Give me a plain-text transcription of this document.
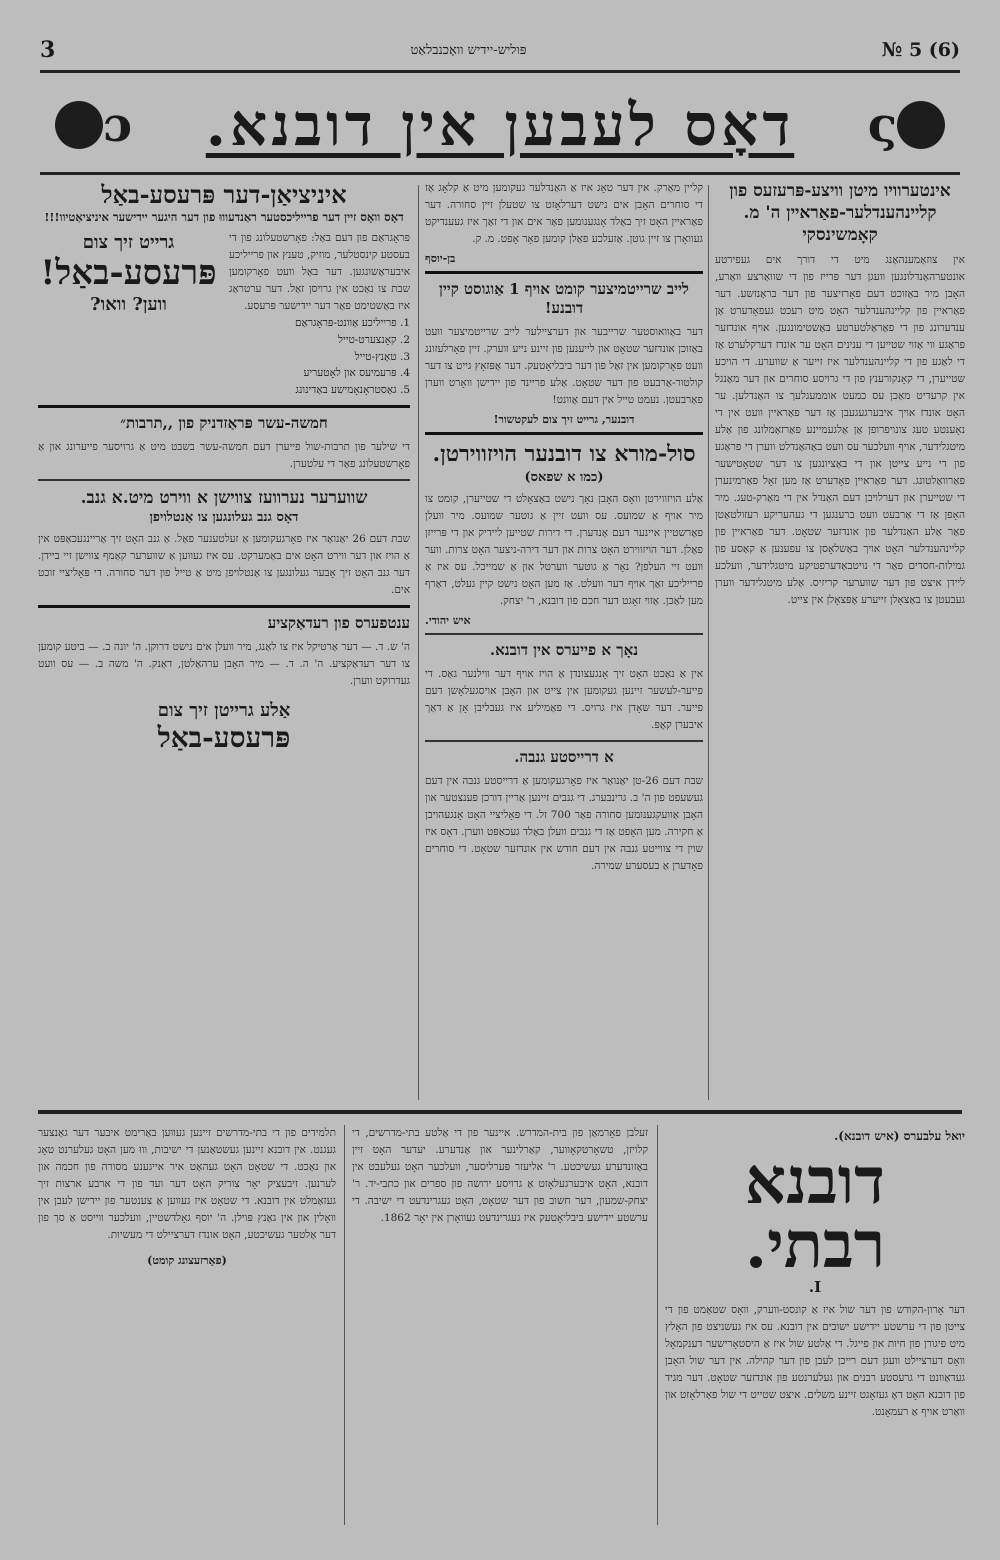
3	פּוליש-יידיש וואָכנבלאַט	№ 5 (6)
ɔ	דאָס לעבען אין דובנא.	ς
אינטערוויו מיטן וויצע-פּרעזעס פון קליינהענדלער-פאַראיין ה' מ. קאָמשינסקי
אין צוזאַמענהאַנג מיט די דורך אים געפירטע אונטערהאַנדלונגען וועגן דער פּרייז פון די שוואַרצע וואַרע, האָבן מיר באַזוכט דעם פאָרזיצער פון דער בראַנזשע. דער פאַראיין פון קליינהענדלער האָט מיט רעכט געפאָדערט אַן ענדערונג פון די פאַראַלטערטע באַשטימונגען. אויף אונדזער פראַגע ווי אַזוי שטייען די ענינים האָט ער אונדז דערקלערט אַז די לאַגע פון די קליינהענדלער איז זייער אַ שווערע. די הויכע שטייערן, די קאָנקורענץ פון די גרויסע סוחרים און דער מאַנגל אין קרעדיט מאַכן עס כמעט אוממעגלעך צו האַנדלען. ער האָט אונדז אויך איבערגעגעבן אַז דער פאַראיין וועט אין די נאָענטע טעג צונויפרופן אַן אַלגעמיינע פאַרזאַמלונג פון אַלע מיטגלידער, אויף וועלכער עס וועט באַהאַנדלט ווערן די פראַגע פון די נייע צייטן און די באַציונגען צו דער שטאָטישער פאַרוואַלטונג. דער פאַראיין פאָדערט אַז מען זאָל פאַרמינערן די שטייערן און דערלויבן דעם האַנדל אין די מאַרק-טעג. מיר האָפן אַז די אַרבעט וועט ברענגען די געהעריקע רעזולטאַטן פאַר אַלע האַנדלער פון אונדזער שטאָט. דער פאַראיין פון קליינהענדלער האָט אויך באַשלאָסן צו עפענען אַ קאַסע פון גמילות-חסדים פאַר די נויטבאַדערפטיקע מיטגלידער, וועלכע ליידן איצט פון דער שווערער קריזיס. אַלע מיטגלידער ווערן געבעטן צו באַצאָלן זייערע אָפּצאָלן אין צייט.
קליין מאַרק. אין דער טאָג איז אַ האַנדלער געקומען מיט אַ קלאָג אַז די סוחרים האָבן אים נישט דערלאָזט צו שטעלן זיין סחורה. דער פאַראיין האָט זיך באַלד אָנגענומען פאַר אים און די זאַך איז געענדיקט געוואָרן צו זיין גוטן. אַזעלכע פאַלן קומען פאָר אָפט. מ. ק.
בן-יוסף
לייב שרייטמיצער קומט אויף 1 אַוגוסט קיין דובנע!
דער באַוואוסטער שרייבער און דערציילער לייב שרייטמיצער וועט באַזוכן אונדזער שטאָט און לייענען פון זיינע נייע ווערק. זיין פאָרלעזונג וועט פאָרקומען אין זאַל פון דער ביבליאָטעק. דער אָפּזאָץ גייט צו דער קולטור-אַרבעט פון דער שטאָט. אַלע פריינד פון יידישן וואָרט ווערן פאַרבעטן. נעמט טייל אין דעם אַוונט!
דובנער, גרייט זיך צום לעקטשור!
סול-מורא צו דובנער הויזווירטן.
(כמו א שפאס)
אַלע הויזווירטן וואָס האָבן נאָך נישט באַצאָלט די שטייערן, קומט צו מיר אויף אַ שמועס. עס וועט זיין אַ גוטער שמועס. מיר וועלן פאַרשטיין איינער דעם אַנדערן. די דירות שטייען ליידיק און די פּרייזן פאַלן. דער הויזווירט האָט צרות און דער דירה-ניצער האָט צרות. ווער וועט זיי העלפן? נאָר אַ גוטער ווערטל און אַ שמייכל. עס איז אַ פרייליכע זאַך אויף דער וועלט. אַז מען האָט נישט קיין געלט, דאַרף מען לאַכן. אַזוי זאָגט דער חכם פון דובנא, ר' יצחק.
איש יהודי.
נאָך א פייערס אין דובנא.
אין אַ נאַכט האָט זיך אָנגעצונדן אַ הויז אויף דער ווילנער גאַס. די פייער-לעשער זיינען געקומען אין צייט און האָבן אויסגעלאָשן דעם פייער. דער שאָדן איז גרויס. די פאַמיליע איז געבליבן אָן אַ דאַך איבערן קאָפּ.
א דרייסטע גנבה.
שבת דעם 26-טן יאַנואַר איז פאָרגעקומען אַ דרייסטע גנבה אין דעם געשעפט פון ה' ב. גרינבערג. די גנבים זיינען אַריין דורכן פענצטער און האָבן אַוועקגענומען סחורה פאַר 700 זל. די פּאָליציי האָט אָנגעהויבן אַ חקירה. מען האָפט אַז די גנבים וועלן באַלד געכאַפּט ווערן. דאָס איז שוין די צווייטע גנבה אין דעם חודש אין אונדזער שטאָט. די סוחרים פאָדערן אַ בעסערע שמירה.
איניציאַן-דער פּרעסע-באַל
דאָס וואָס זיין דער פרייליכסטער ראַנדעוווּ פון דער היגער יידישער איניציאַטיוו!!!
פּראָגראַם פון דעם באַל: פאָרשטעלונג פון די בעסטע קינסטלער, מוזיק, טענץ און פרייליכע איבעראַשונגען. דער באַל וועט פאָרקומען שבת צו נאַכט אין גרויסן זאַל. דער ערטראַג איז באַשטימט פאַר דער יידישער פּרעסע.
1. פרייליכע אַוונט-פּראָגראַם
2. קאָנצערט-טייל
3. טאַנץ-טייל
4. פּרעמיעס און לאָטעריע
5. גאַסטראָנאָמישע באַדינונג
גרייט זיך צום
פּרעסע-באַל!
ווען? וואו?
חמשה-עשר פּראַזדניק פון ,,תרבות״
די שילער פון תרבות-שול פייערן דעם חמשה-עשר בשבט מיט אַ גרויסער פייערונג און אַ פאָרשטעלונג פאַר די עלטערן.
שווערער נערוועז צווישן א ווירט מיט.א גנב.
דאָס גנב געלונגען צו אַנטלויפן
שבת דעם 26 יאַנואַר איז פאָרגעקומען אַ זעלטענער פאַל. אַ גנב האָט זיך אַריינגעכאַפּט אין אַ הויז און דער ווירט האָט אים באַמערקט. עס איז געווען אַ שווערער קאַמף צווישן זיי ביידן. דער גנב האָט זיך אָבער געלונגען צו אַנטלויפן מיט אַ טייל פון דער סחורה. די פּאָליציי זוכט אים.
ענטפערס פון רעדאַקציע
ה' ש. ד. — דער אַרטיקל איז צו לאַנג, מיר וועלן אים נישט דרוקן. ה' יונה ב. — ביטע קומען צו דער רעדאַקציע. ה' ה. ד. — מיר האָבן ערהאַלטן, דאַנק. ה' משה ב. — עס וועט געדרוקט ווערן.
אַלע גרייטן זיך צום
פּרעסע-באַל
יואל עלבערס (איש דובנא).
דובנא רבתי.
I.
דער אָרון-הקודש פון דער שול איז אַ קונסט-ווערק, וואָס שטאַמט פון די צייטן פון די ערשטע יידישע ישובים אין דובנא. עס איז געשניצט פון האָלץ מיט פיגורן פון חיות און פייגל. די אַלטע שול איז אַ היסטאָרישער דענקמאָל וואָס דערציילט וועגן דעם רייכן לעבן פון דער קהילה. אין דער שול האָבן געדאַוונט די גרעסטע רבנים און געלערנטע פון אונדזער שטאָט. דער מגיד פון דובנא האָט דאָ געזאָגט זיינע משלים. איצט שטייט די שול פאַרלאָזט און וואַרט אויף אַ רעמאָנט.
זעלבן פאָרמאַן פון בית-המדרש. איינער פון די אַלטע בתי-מדרשים, די קלויזן, טשאָרטקאָווער, קאַרלינער און אַנדערע. יעדער האָט זיין באַזונדערע געשיכטע. ר' אליעזר פּערליסער, וועלכער האָט געלעבט אין דובנא, האָט איבערגעלאָזט אַ גרויסע ירושה פון ספרים און כתבי-יד. ר' יצחק-שמעון, דער חשוב פון דער שטאָט, האָט געגרינדעט די ישיבה. די ערשטע יידישע ביבליאָטעק איז געגרינדעט געוואָרן אין יאָר 1862.
תלמידים פון די בתי-מדרשים זיינען געווען באַרימט איבער דער גאַנצער געגנט. אין דובנא זיינען געשטאַנען די ישיבות, וווּ מען האָט געלערנט טאָג און נאַכט. די שטאָט האָט געהאַט איר אייגענע מסורה פון חכמה און לערנען. זיבעציק יאָר צוריק האָט דער ועד פון די ארבע ארצות זיך געזאַמלט אין דובנא. די שטאָט איז געווען אַ צענטער פון יידישן לעבן אין וואָלין און אין גאַנץ פּוילן. ה' יוסף גאָלדשטיין, וועלכער ווייסט אַ סך פון דער אַלטער געשיכטע, האָט אונדז דערציילט די מעשיות.
(פאָרזעצונג קומט)
